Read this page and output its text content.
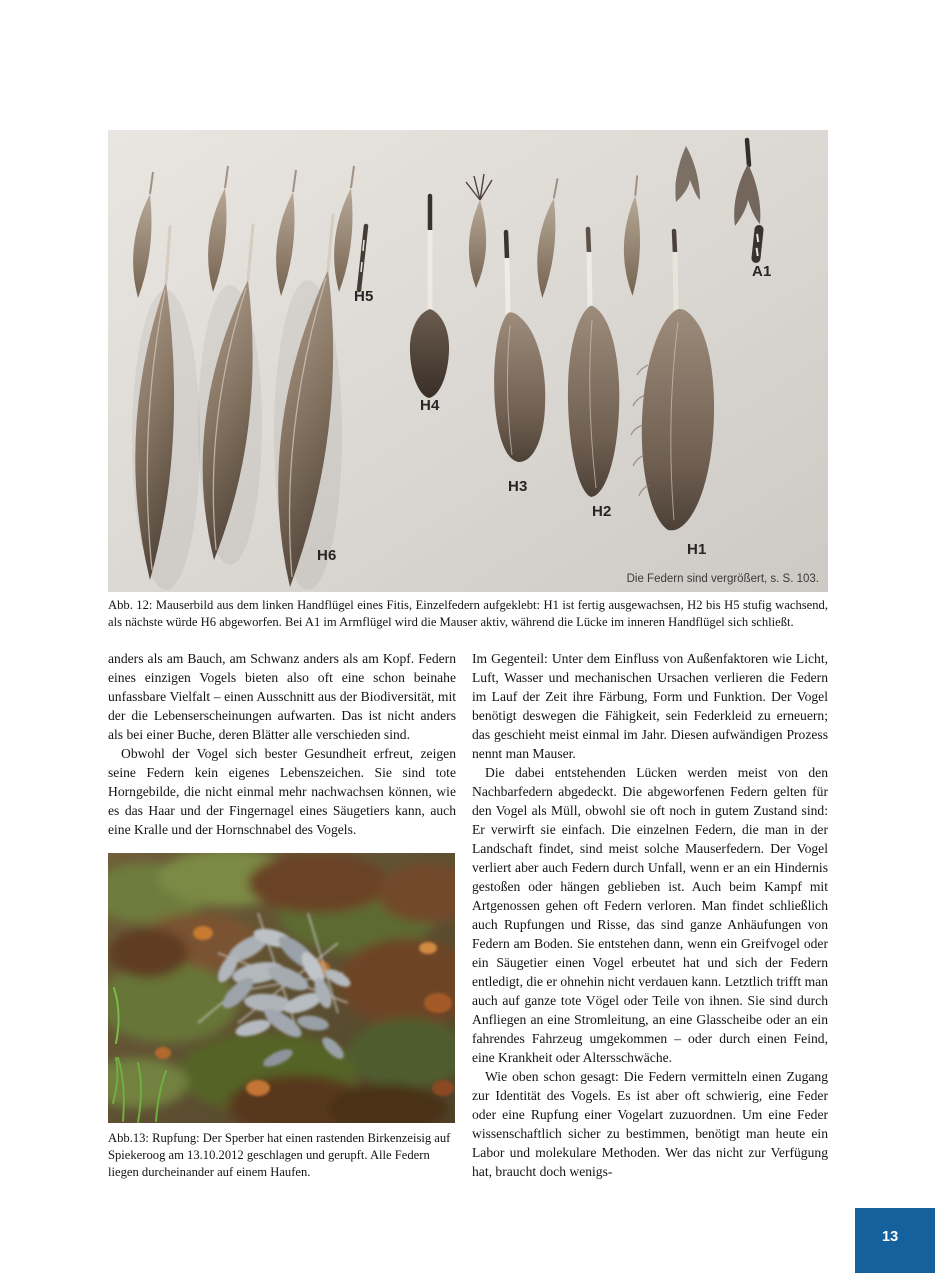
H5
H4
H3
H2
H1
H6
A1
Die Federn sind vergrößert, s. S. 103.
Abb. 12: Mauserbild aus dem linken Handflügel eines Fitis, Einzelfedern aufgeklebt: H1 ist fertig ausgewachsen, H2 bis H5 stufig wachsend, als nächste würde H6 abgeworfen. Bei A1 im Armflügel wird die Mauser aktiv, während die Lücke im inneren Handflügel sich schließt.

anders als am Bauch, am Schwanz anders als am Kopf. Federn eines einzigen Vogels bieten also oft eine schon beinahe unfassbare Vielfalt – einen Ausschnitt aus der Biodiversität, mit der die Lebenserscheinungen aufwarten. Das ist nicht anders als bei einer Buche, deren Blätter alle verschieden sind.

Obwohl der Vogel sich bester Gesundheit erfreut, zeigen seine Federn kein eigenes Lebenszeichen. Sie sind tote Horngebilde, die nicht einmal mehr nachwachsen können, wie es das Haar und der Fingernagel eines Säugetiers kann, auch eine Kralle und der Hornschnabel des Vogels.

Im Gegenteil: Unter dem Einfluss von Außenfaktoren wie Licht, Luft, Wasser und mechanischen Ursachen verlieren die Federn im Lauf der Zeit ihre Färbung, Form und Funktion. Der Vogel benötigt deswegen die Fähigkeit, sein Federkleid zu erneuern; das geschieht meist einmal im Jahr. Diesen aufwändigen Prozess nennt man Mauser.

Die dabei entstehenden Lücken werden meist von den Nachbarfedern abgedeckt. Die abgeworfenen Federn gelten für den Vogel als Müll, obwohl sie oft noch in gutem Zustand sind: Er verwirft sie einfach. Die einzelnen Federn, die man in der Landschaft findet, sind meist solche Mauserfedern. Der Vogel verliert aber auch Federn durch Unfall, wenn er an ein Hindernis gestoßen oder hängen geblieben ist. Auch beim Kampf mit Artgenossen gehen oft Federn verloren. Man findet schließlich auch Rupfungen und Risse, das sind ganze Anhäufungen von Federn am Boden. Sie entstehen dann, wenn ein Greifvogel oder ein Säugetier einen Vogel erbeutet hat und sich der Federn entledigt, die er ohnehin nicht verdauen kann. Letztlich trifft man auch auf ganze tote Vögel oder Teile von ihnen. Sie sind durch Anfliegen an eine Stromleitung, an eine Glasscheibe oder an ein fahrendes Fahrzeug umgekommen – oder durch einen Feind, eine Krankheit oder Altersschwäche.

Wie oben schon gesagt: Die Federn vermitteln einen Zugang zur Identität des Vogels. Es ist aber oft schwierig, eine Feder oder eine Rupfung einer Vogelart zuzuordnen. Um eine Feder wissenschaftlich sicher zu bestimmen, benötigt man heute ein Labor und molekulare Methoden. Wer das nicht zur Verfügung hat, braucht doch wenigs-

Abb.13: Rupfung: Der Sperber hat einen rastenden Birkenzeisig auf Spiekeroog am 13.10.2012 geschlagen und gerupft. Alle Federn liegen durcheinander auf einem Haufen.
13
